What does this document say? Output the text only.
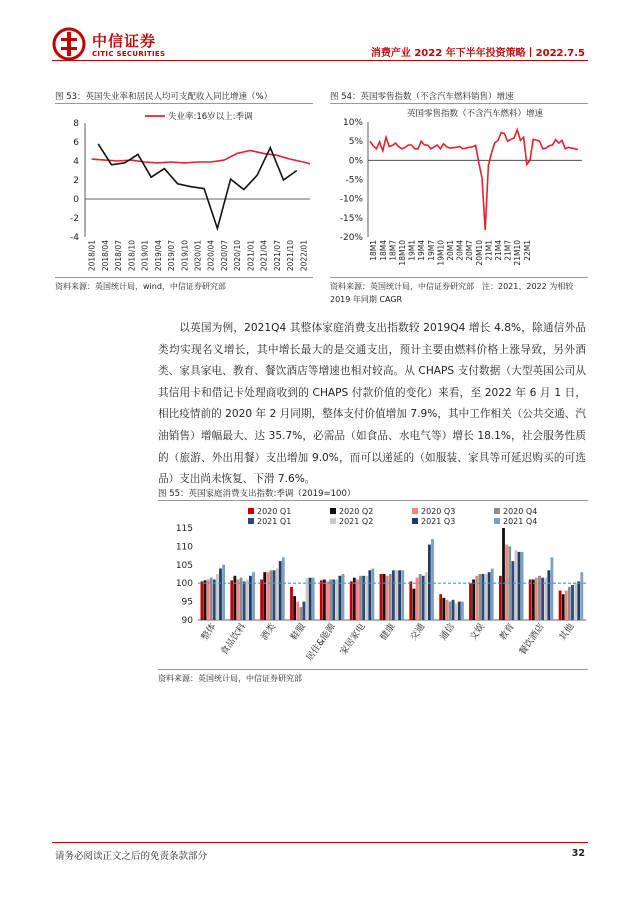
中信证券
CITIC SECURITIES	消费产业 2022 年下半年投资策略丨2022.7.5
图 53：英国失业率和居民人均可支配收入同比增速（%）
8
6
4
2
0
-2
-4
2018/01 2018/04 2018/07 2018/10 2019/01 2019/04 2019/07 2019/10 2020/01 2020/04 2020/07 2020/10 2021/01 2021/04 2021/07 2021/10 2022/01
失业率:16岁以上:季调
资料来源：英国统计局，wind，中信证券研究部
图 54：英国零售指数（不含汽车燃料销售）增速
10%
5%
0%
-5%
-10%
-15%
-20%
18M1 18M4 18M7 18M10 19M1 19M4 19M7 19M10 20M1 20M4 20M7 20M10 21M1 21M4 21M7 21M10 22M1
英国零售指数（不含汽车燃料）增速
资料来源：英国统计局，中信证券研究部　注：2021、2022 为相较
2019 年同期 CAGR
以英国为例，2021Q4 其整体家庭消费支出指数较 2019Q4 增长 4.8%，除通信外品类均实现名义增长，其中增长最大的是交通支出，预计主要由燃料价格上涨导致，另外酒类、家具家电、教育、餐饮酒店等增速也相对较高。从 CHAPS 支付数据（大型英国公司从其信用卡和借记卡处理商收到的 CHAPS 付款价值的变化）来看，至 2022 年 6 月 1 日，相比疫情前的 2020 年 2 月同期，整体支付价值增加 7.9%，其中工作相关（公共交通、汽油销售）增幅最大、达 35.7%，必需品（如食品、水电气等）增长 18.1%，社会服务性质的（旅游、外出用餐）支出增加 9.0%，而可以递延的（如服装、家具等可延迟购买的可选品）支出尚未恢复、下滑 7.6%。
图 55：英国家庭消费支出指数:季调（2019=100）
115
110
105
100
95
90
整体 食品饮料 酒类 鞋服
居住&能源 家居家电 健康 交通 通信 文娱 教育 餐饮酒店 其他
2020 Q1	2020 Q2	2020 Q3	2020 Q4
2021 Q1	2021 Q2	2021 Q3	2021 Q4
资料来源：英国统计局，中信证券研究部
请务必阅读正文之后的免责条款部分	32
